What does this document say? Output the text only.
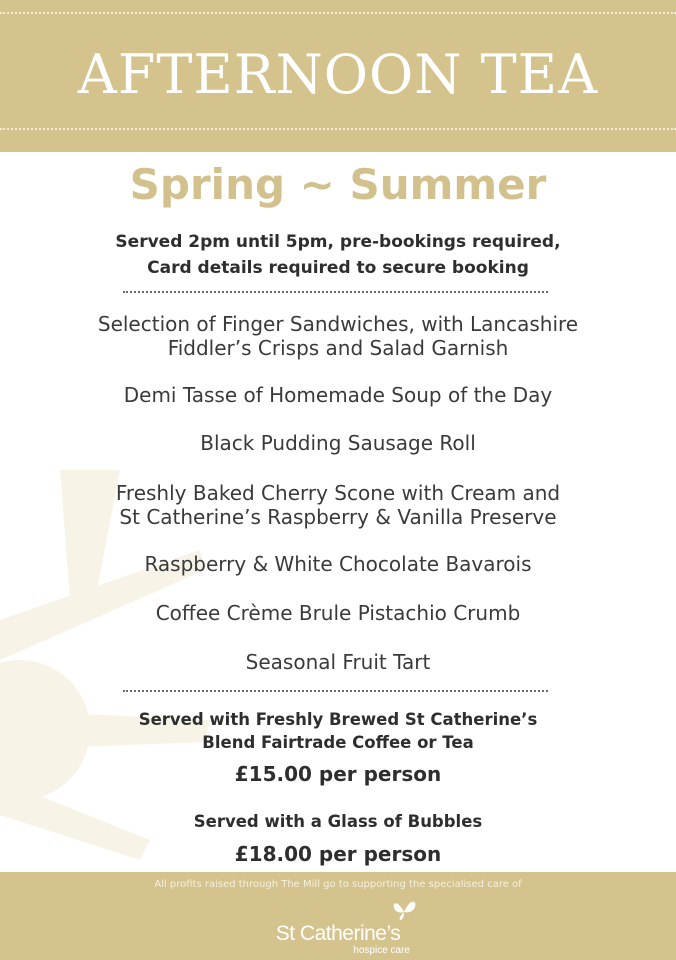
AFTERNOON TEA
Spring ~ Summer
Served 2pm until 5pm, pre-bookings required,
Card details required to secure booking
Selection of Finger Sandwiches, with Lancashire
Fiddler’s Crisps and Salad Garnish
Demi Tasse of Homemade Soup of the Day
Black Pudding Sausage Roll
Freshly Baked Cherry Scone with Cream and
St Catherine’s Raspberry & Vanilla Preserve
Raspberry & White Chocolate Bavarois
Coffee Crème Brule Pistachio Crumb
Seasonal Fruit Tart
Served with Freshly Brewed St Catherine’s
Blend Fairtrade Coffee or Tea
£15.00 per person
Served with a Glass of Bubbles
£18.00 per person
All profits raised through The Mill go to supporting the specialised care of
St Catherine’s
hospice care
